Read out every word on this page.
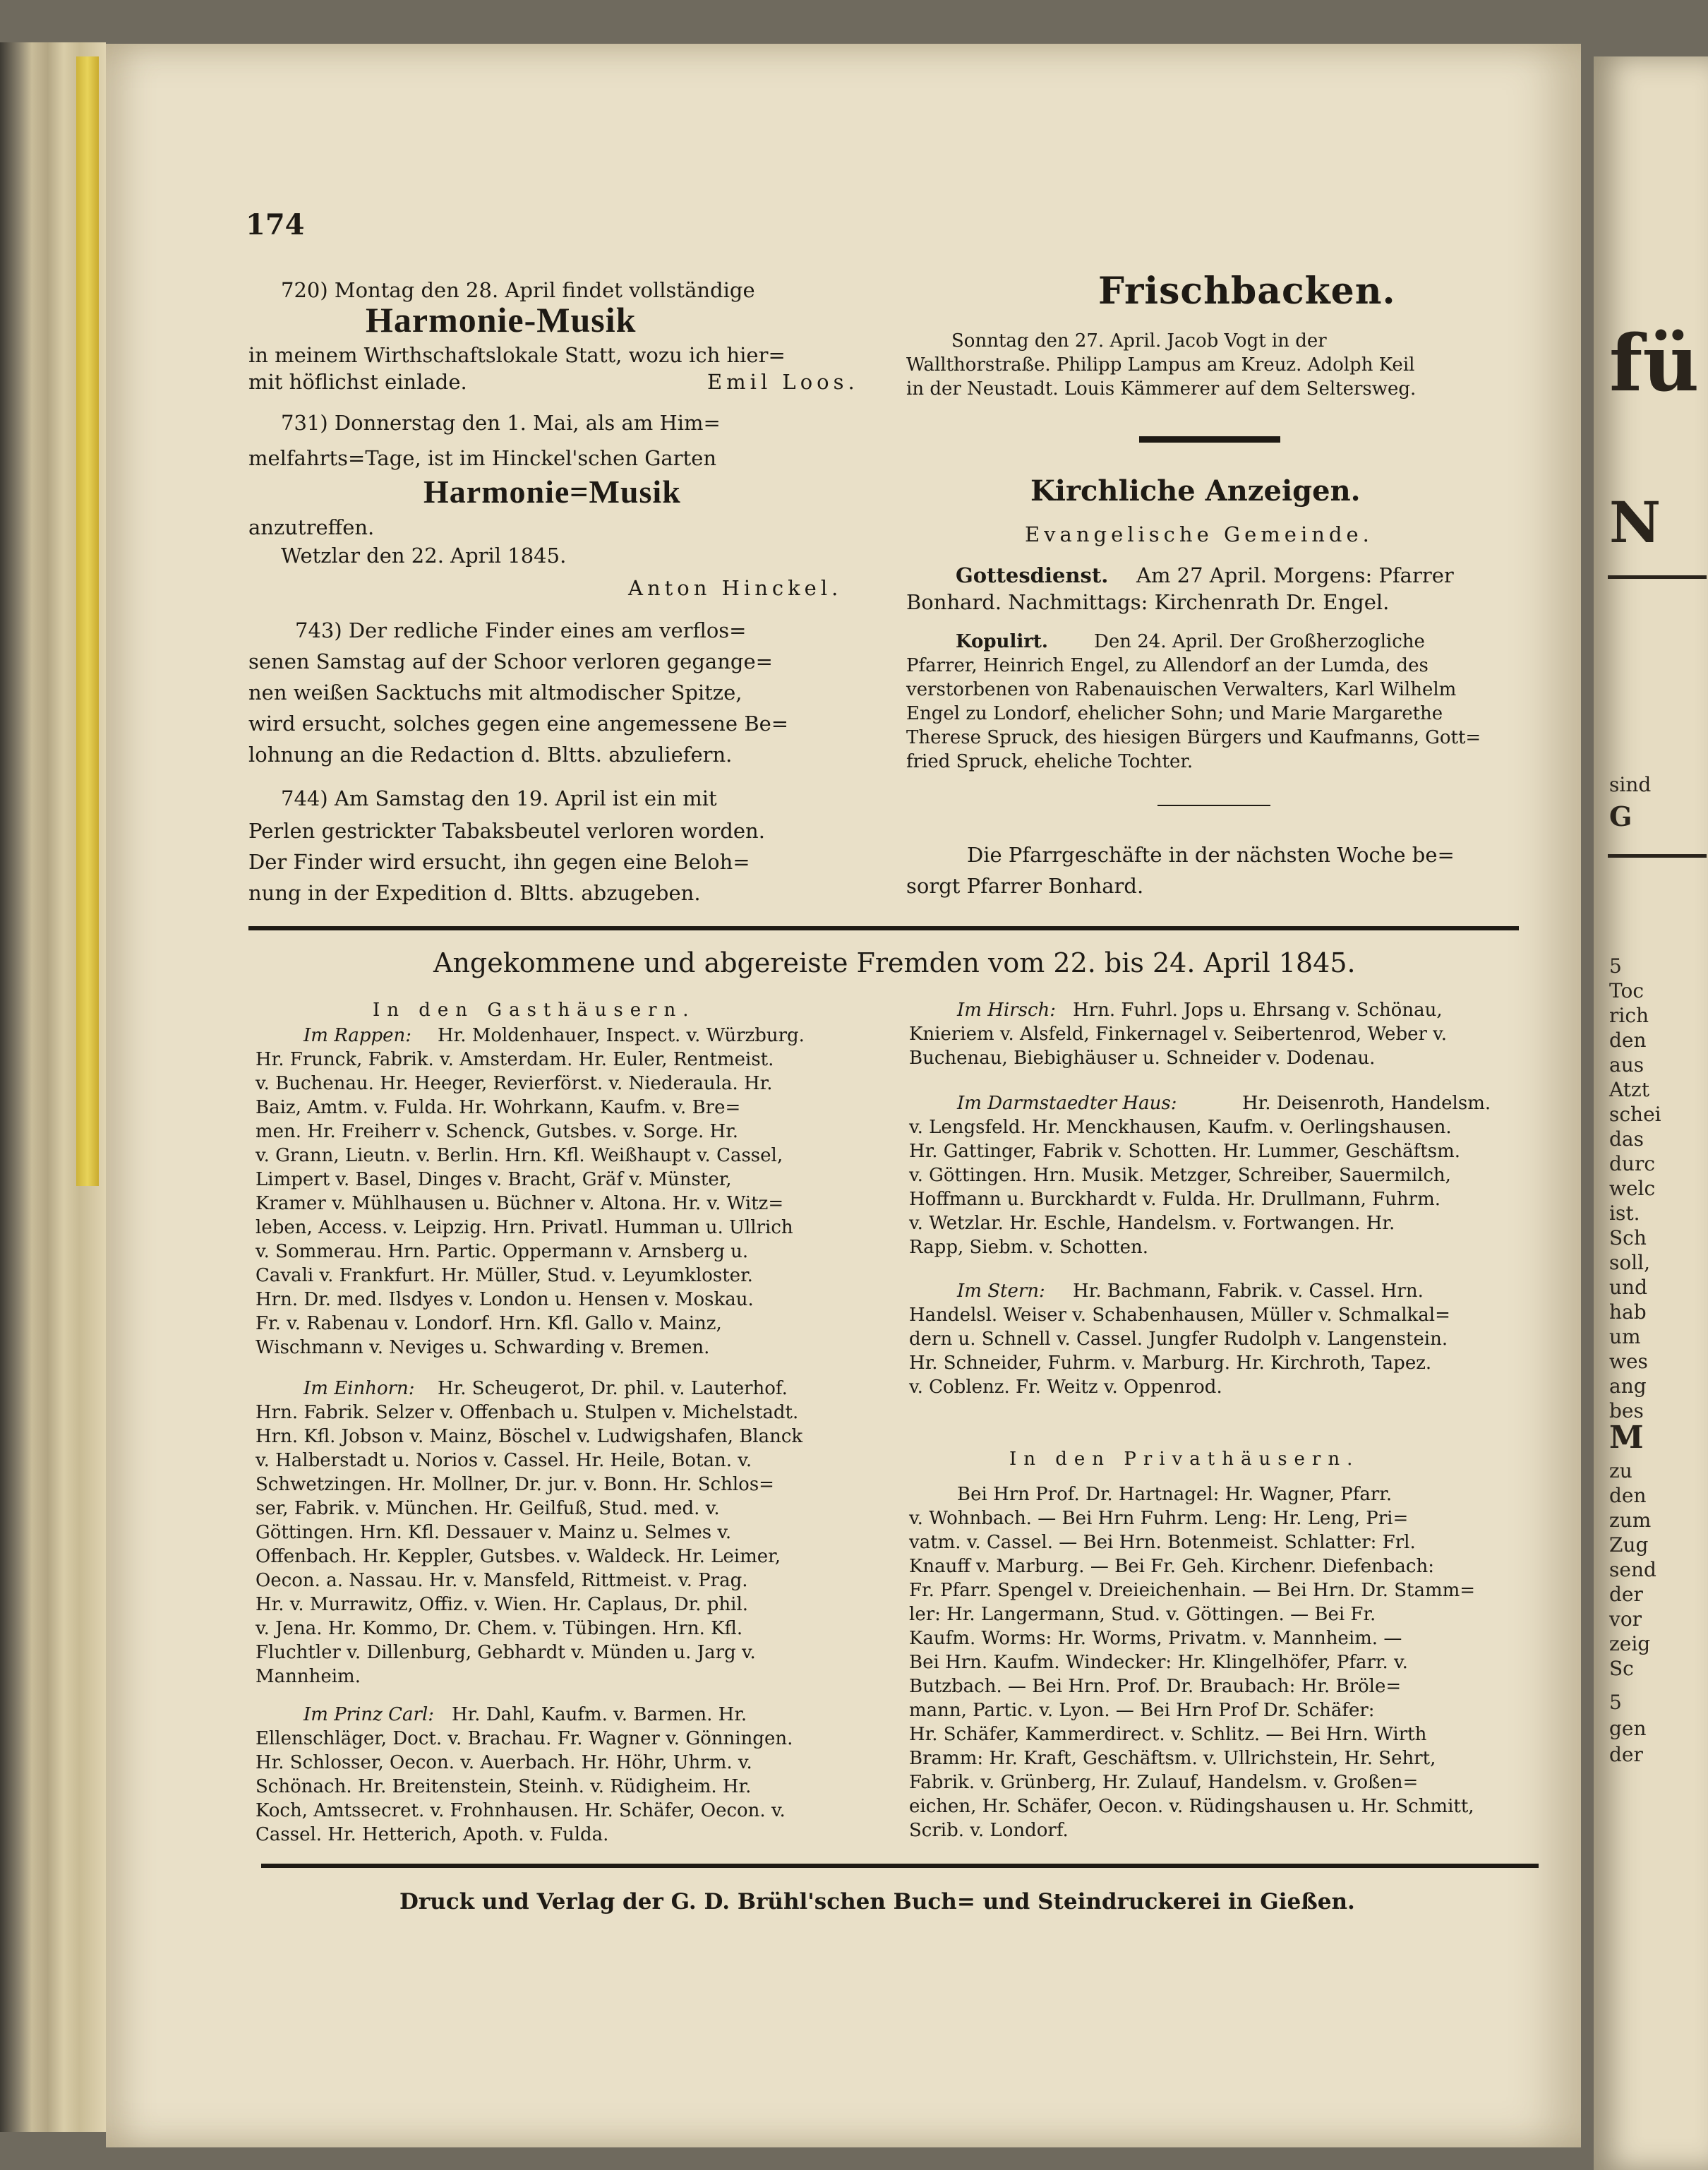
fü
N
sind
G
5
Toc
rich
den
aus
Atzt
schei
das
durc
welc
ist.
Sch
soll,
und
hab
um
wes
ang
bes
M
zu
den
zum
Zug
send
der
vor
zeig
Sc
5
gen
der
174
720) Montag den 28. April findet vollständige
Harmonie-Musik
in meinem Wirthschaftslokale Statt, wozu ich hier=
mit höflichst einlade.	Emil Loos.
731) Donnerstag den 1. Mai, als am Him=
melfahrts=Tage, ist im Hinckel'schen Garten
Harmonie=Musik
anzutreffen.
Wetzlar den 22. April 1845.
Anton Hinckel.
743) Der redliche Finder eines am verflos=
senen Samstag auf der Schoor verloren gegange=
nen weißen Sacktuchs mit altmodischer Spitze,
wird ersucht, solches gegen eine angemessene Be=
lohnung an die Redaction d. Bltts. abzuliefern.
744) Am Samstag den 19. April ist ein mit
Perlen gestrickter Tabaksbeutel verloren worden.
Der Finder wird ersucht, ihn gegen eine Beloh=
nung in der Expedition d. Bltts. abzugeben.
Frischbacken.
Sonntag den 27. April. Jacob Vogt in der
Wallthorstraße. Philipp Lampus am Kreuz. Adolph Keil
in der Neustadt. Louis Kämmerer auf dem Seltersweg.
Kirchliche Anzeigen.
Evangelische Gemeinde.
Gottesdienst. Am 27 April. Morgens: Pfarrer
Bonhard. Nachmittags: Kirchenrath Dr. Engel.
Kopulirt.	Den 24. April. Der Großherzogliche
Pfarrer, Heinrich Engel, zu Allendorf an der Lumda, des
verstorbenen von Rabenauischen Verwalters, Karl Wilhelm
Engel zu Londorf, ehelicher Sohn; und Marie Margarethe
Therese Spruck, des hiesigen Bürgers und Kaufmanns, Gott=
fried Spruck, eheliche Tochter.
Die Pfarrgeschäfte in der nächsten Woche be=
sorgt Pfarrer Bonhard.
Angekommene und abgereiste Fremden vom 22. bis 24. April 1845.
In den Gasthäusern.
Im Rappen: Hr. Moldenhauer, Inspect. v. Würzburg.
Hr. Frunck, Fabrik. v. Amsterdam. Hr. Euler, Rentmeist.
v. Buchenau. Hr. Heeger, Revierförst. v. Niederaula. Hr.
Baiz, Amtm. v. Fulda. Hr. Wohrkann, Kaufm. v. Bre=
men. Hr. Freiherr v. Schenck, Gutsbes. v. Sorge. Hr.
v. Grann, Lieutn. v. Berlin. Hrn. Kfl. Weißhaupt v. Cassel,
Limpert v. Basel, Dinges v. Bracht, Gräf v. Münster,
Kramer v. Mühlhausen u. Büchner v. Altona. Hr. v. Witz=
leben, Access. v. Leipzig. Hrn. Privatl. Humman u. Ullrich
v. Sommerau. Hrn. Partic. Oppermann v. Arnsberg u.
Cavali v. Frankfurt. Hr. Müller, Stud. v. Leyumkloster.
Hrn. Dr. med. Ilsdyes v. London u. Hensen v. Moskau.
Fr. v. Rabenau v. Londorf. Hrn. Kfl. Gallo v. Mainz,
Wischmann v. Neviges u. Schwarding v. Bremen.
Im Einhorn: Hr. Scheugerot, Dr. phil. v. Lauterhof.
Hrn. Fabrik. Selzer v. Offenbach u. Stulpen v. Michelstadt.
Hrn. Kfl. Jobson v. Mainz, Böschel v. Ludwigshafen, Blanck
v. Halberstadt u. Norios v. Cassel. Hr. Heile, Botan. v.
Schwetzingen. Hr. Mollner, Dr. jur. v. Bonn. Hr. Schlos=
ser, Fabrik. v. München. Hr. Geilfuß, Stud. med. v.
Göttingen. Hrn. Kfl. Dessauer v. Mainz u. Selmes v.
Offenbach. Hr. Keppler, Gutsbes. v. Waldeck. Hr. Leimer,
Oecon. a. Nassau. Hr. v. Mansfeld, Rittmeist. v. Prag.
Hr. v. Murrawitz, Offiz. v. Wien. Hr. Caplaus, Dr. phil.
v. Jena. Hr. Kommo, Dr. Chem. v. Tübingen. Hrn. Kfl.
Fluchtler v. Dillenburg, Gebhardt v. Münden u. Jarg v.
Mannheim.
Im Prinz Carl: Hr. Dahl, Kaufm. v. Barmen. Hr.
Ellenschläger, Doct. v. Brachau. Fr. Wagner v. Gönningen.
Hr. Schlosser, Oecon. v. Auerbach. Hr. Höhr, Uhrm. v.
Schönach. Hr. Breitenstein, Steinh. v. Rüdigheim. Hr.
Koch, Amtssecret. v. Frohnhausen. Hr. Schäfer, Oecon. v.
Cassel. Hr. Hetterich, Apoth. v. Fulda.
Im Hirsch: Hrn. Fuhrl. Jops u. Ehrsang v. Schönau,
Knieriem v. Alsfeld, Finkernagel v. Seibertenrod, Weber v.
Buchenau, Biebighäuser u. Schneider v. Dodenau.
Im Darmstaedter Haus:	Hr. Deisenroth, Handelsm.
v. Lengsfeld. Hr. Menckhausen, Kaufm. v. Oerlingshausen.
Hr. Gattinger, Fabrik v. Schotten. Hr. Lummer, Geschäftsm.
v. Göttingen. Hrn. Musik. Metzger, Schreiber, Sauermilch,
Hoffmann u. Burckhardt v. Fulda. Hr. Drullmann, Fuhrm.
v. Wetzlar. Hr. Eschle, Handelsm. v. Fortwangen. Hr.
Rapp, Siebm. v. Schotten.
Im Stern: Hr. Bachmann, Fabrik. v. Cassel. Hrn.
Handelsl. Weiser v. Schabenhausen, Müller v. Schmalkal=
dern u. Schnell v. Cassel. Jungfer Rudolph v. Langenstein.
Hr. Schneider, Fuhrm. v. Marburg. Hr. Kirchroth, Tapez.
v. Coblenz. Fr. Weitz v. Oppenrod.
In den Privathäusern.
Bei Hrn Prof. Dr. Hartnagel: Hr. Wagner, Pfarr.
v. Wohnbach. — Bei Hrn Fuhrm. Leng: Hr. Leng, Pri=
vatm. v. Cassel. — Bei Hrn. Botenmeist. Schlatter: Frl.
Knauff v. Marburg. — Bei Fr. Geh. Kirchenr. Diefenbach:
Fr. Pfarr. Spengel v. Dreieichenhain. — Bei Hrn. Dr. Stamm=
ler: Hr. Langermann, Stud. v. Göttingen. — Bei Fr.
Kaufm. Worms: Hr. Worms, Privatm. v. Mannheim. —
Bei Hrn. Kaufm. Windecker: Hr. Klingelhöfer, Pfarr. v.
Butzbach. — Bei Hrn. Prof. Dr. Braubach: Hr. Bröle=
mann, Partic. v. Lyon. — Bei Hrn Prof Dr. Schäfer:
Hr. Schäfer, Kammerdirect. v. Schlitz. — Bei Hrn. Wirth
Bramm: Hr. Kraft, Geschäftsm. v. Ullrichstein, Hr. Sehrt,
Fabrik. v. Grünberg, Hr. Zulauf, Handelsm. v. Großen=
eichen, Hr. Schäfer, Oecon. v. Rüdingshausen u. Hr. Schmitt,
Scrib. v. Londorf.
Druck und Verlag der G. D. Brühl'schen Buch= und Steindruckerei in Gießen.
